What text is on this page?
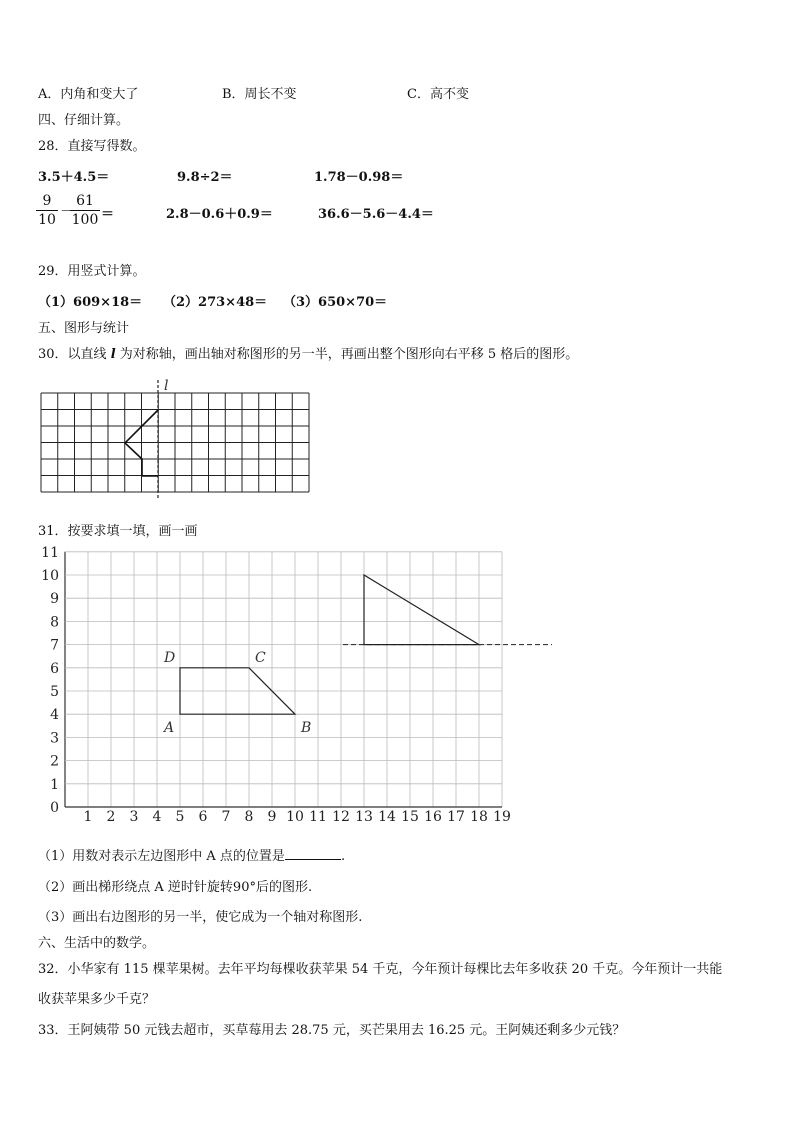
A．内角和变大了	B．周长不变	C．高不变
四、仔细计算。
28．直接写得数。
3.5＋4.5＝	9.8÷2＝	1.78－0.98＝
$\frac{9}{10}$ －
$\frac{61}{100}$ ＝	2.8－0.6＋0.9＝	36.6－5.6－4.4＝
29．用竖式计算。
（1）609×18＝ （2）273×48＝ （3）650×70＝
五、图形与统计
30．以直线 l 为对称轴，画出轴对称图形的另一半，再画出整个图形向右平移 5 格后的图形。
l
31．按要求填一填，画一画
1 2 3 4 5 6 7 8 9 10 11 12 13 14 15 16 17 18 19
0
1
2
3
4
5
6
7
8
9
10
11
A	B
C
D
（1）用数对表示左边图形中 A 点的位置是	.
（2）画出梯形绕点 A 逆时针旋转90°后的图形.
（3）画出右边图形的另一半，使它成为一个轴对称图形.
六、生活中的数学。
32．小华家有 115 棵苹果树。去年平均每棵收获苹果 54 千克，今年预计每棵比去年多收获 20 千克。今年预计一共能
收获苹果多少千克？
33．王阿姨带 50 元钱去超市，买草莓用去 28.75 元，买芒果用去 16.25 元。王阿姨还剩多少元钱？
